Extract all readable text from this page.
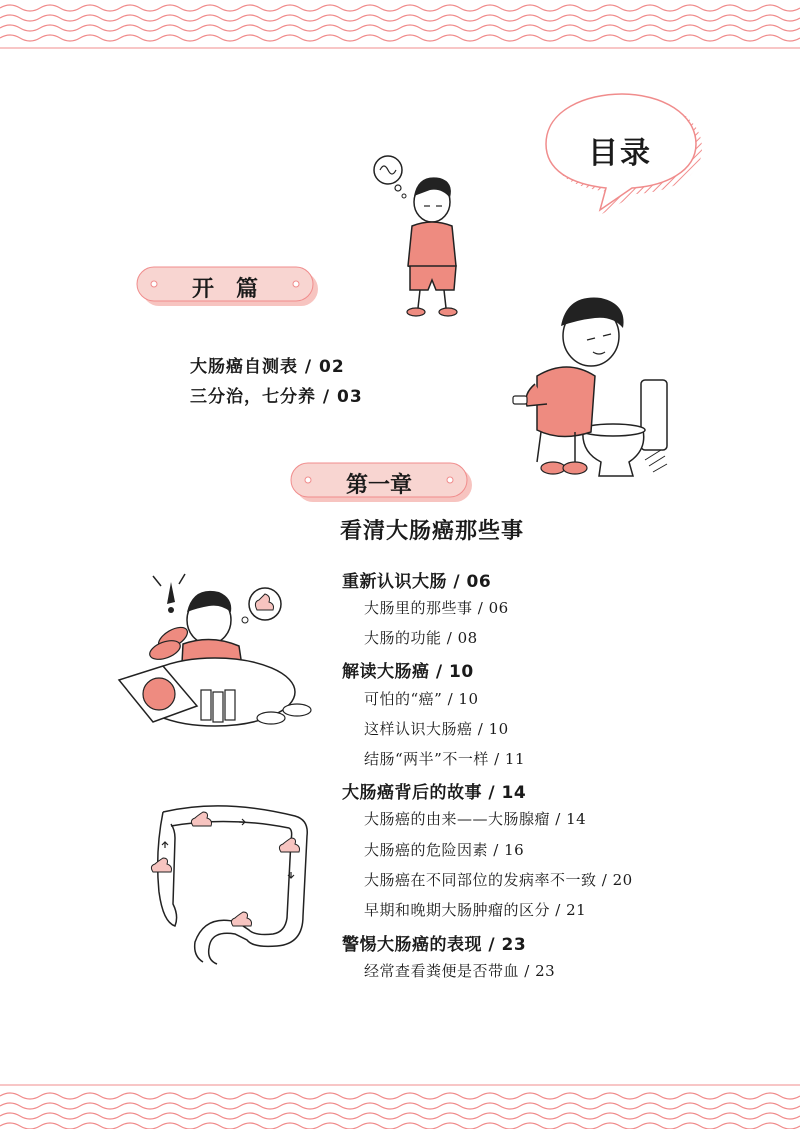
目录
开　篇
大肠癌自测表 / 02
三分治，七分养 / 03
第一章
看清大肠癌那些事
重新认识大肠 / 06
大肠里的那些事 / 06
大肠的功能 / 08
解读大肠癌 / 10
可怕的“癌” / 10
这样认识大肠癌 / 10
结肠“两半”不一样 / 11
大肠癌背后的故事 / 14
大肠癌的由来——大肠腺瘤 / 14
大肠癌的危险因素 / 16
大肠癌在不同部位的发病率不一致 / 20
早期和晚期大肠肿瘤的区分 / 21
警惕大肠癌的表现 / 23
经常查看粪便是否带血 / 23
